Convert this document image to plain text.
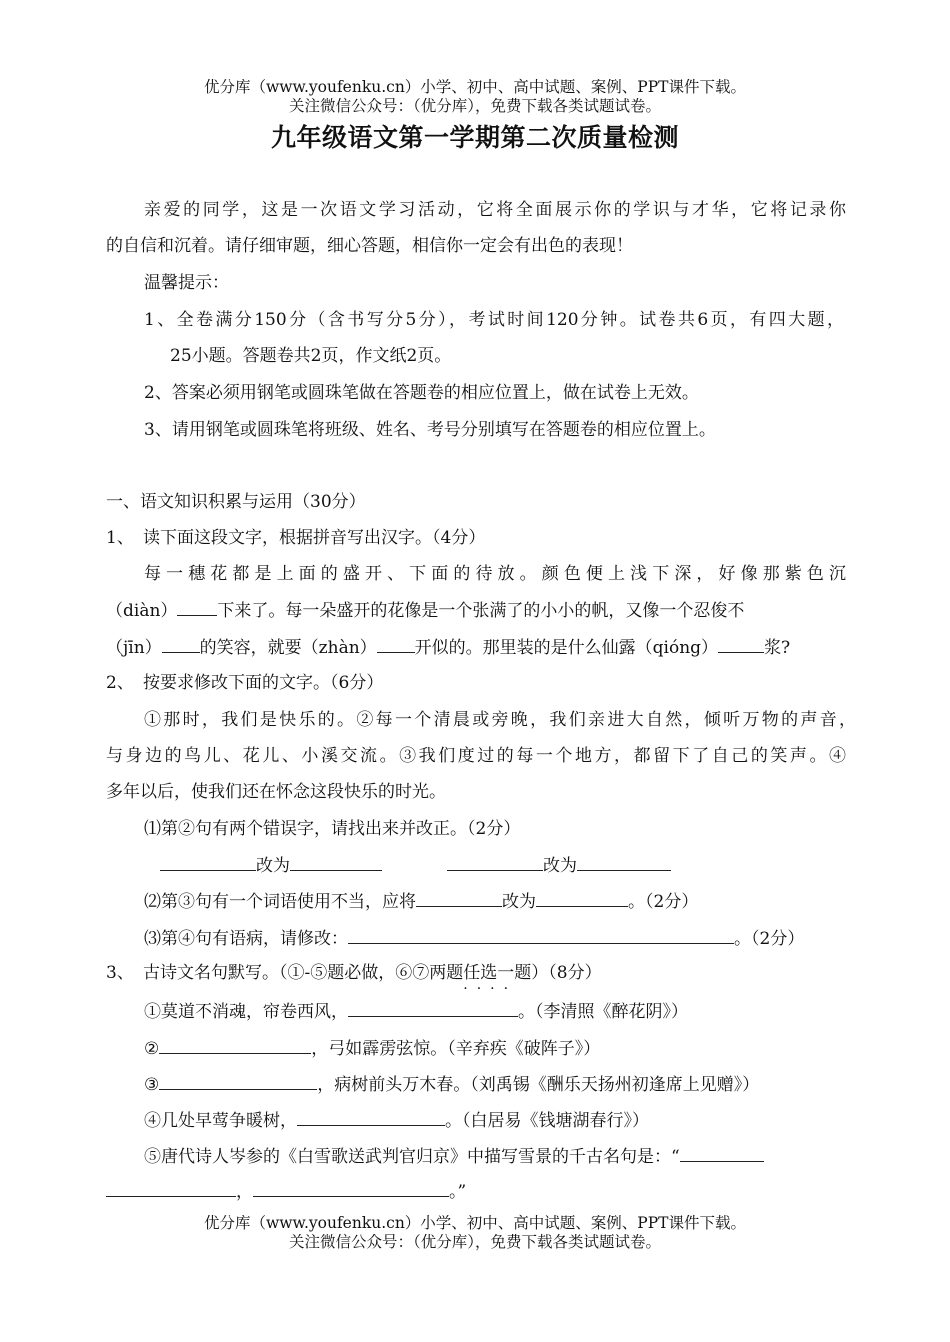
优分库（www.youfenku.cn）小学、初中、高中试题、案例、PPT课件下载。
关注微信公众号：（优分库），免费下载各类试题试卷。
九年级语文第一学期第二次质量检测
亲爱的同学，这是一次语文学习活动，它将全面展示你的学识与才华，它将记录你
的自信和沉着。请仔细审题，细心答题，相信你一定会有出色的表现！
温馨提示：
1、全卷满分150分（含书写分5分），考试时间120分钟。试卷共6页，有四大题，
25小题。答题卷共2页，作文纸2页。
2、答案必须用钢笔或圆珠笔做在答题卷的相应位置上，做在试卷上无效。
3、请用钢笔或圆珠笔将班级、姓名、考号分别填写在答题卷的相应位置上。
一、语文知识积累与运用（30分）
1、 读下面这段文字，根据拼音写出汉字。（4分）
每一穗花都是上面的盛开、下面的待放。颜色便上浅下深，好像那紫色沉
（diàn） 下来了。每一朵盛开的花像是一个张满了的小小的帆，又像一个忍俊不
（jīn） 的笑容，就要（zhàn） 开似的。那里装的是什么仙露（qióng）	浆?
2、 按要求修改下面的文字。（6分）
①那时，我们是快乐的。②每一个清晨或旁晚，我们亲进大自然，倾听万物的声音，
与身边的鸟儿、花儿、小溪交流。③我们度过的每一个地方，都留下了自己的笑声。④
多年以后，使我们还在怀念这段快乐的时光。
⑴第②句有两个错误字，请找出来并改正。（2分）
改为	改为
⑵第③句有一个词语使用不当，应将	改为	。（2分）
⑶第④句有语病，请修改：	。（2分）
3、 古诗文名句默写。（①-⑤题必做，⑥⑦两题任选一题
····
）（8分）
①莫道不消魂，帘卷西风，	。（李清照《醉花阴》）
②	，弓如霹雳弦惊。（辛弃疾《破阵子》）
③	，病树前头万木春。（刘禹锡《酬乐天扬州初逢席上见赠》）
④几处早莺争暖树，	。（白居易《钱塘湖春行》）
⑤唐代诗人岑参的《白雪歌送武判官归京》中描写雪景的千古名句是：“
，	。”
优分库（www.youfenku.cn）小学、初中、高中试题、案例、PPT课件下载。
关注微信公众号：（优分库），免费下载各类试题试卷。
